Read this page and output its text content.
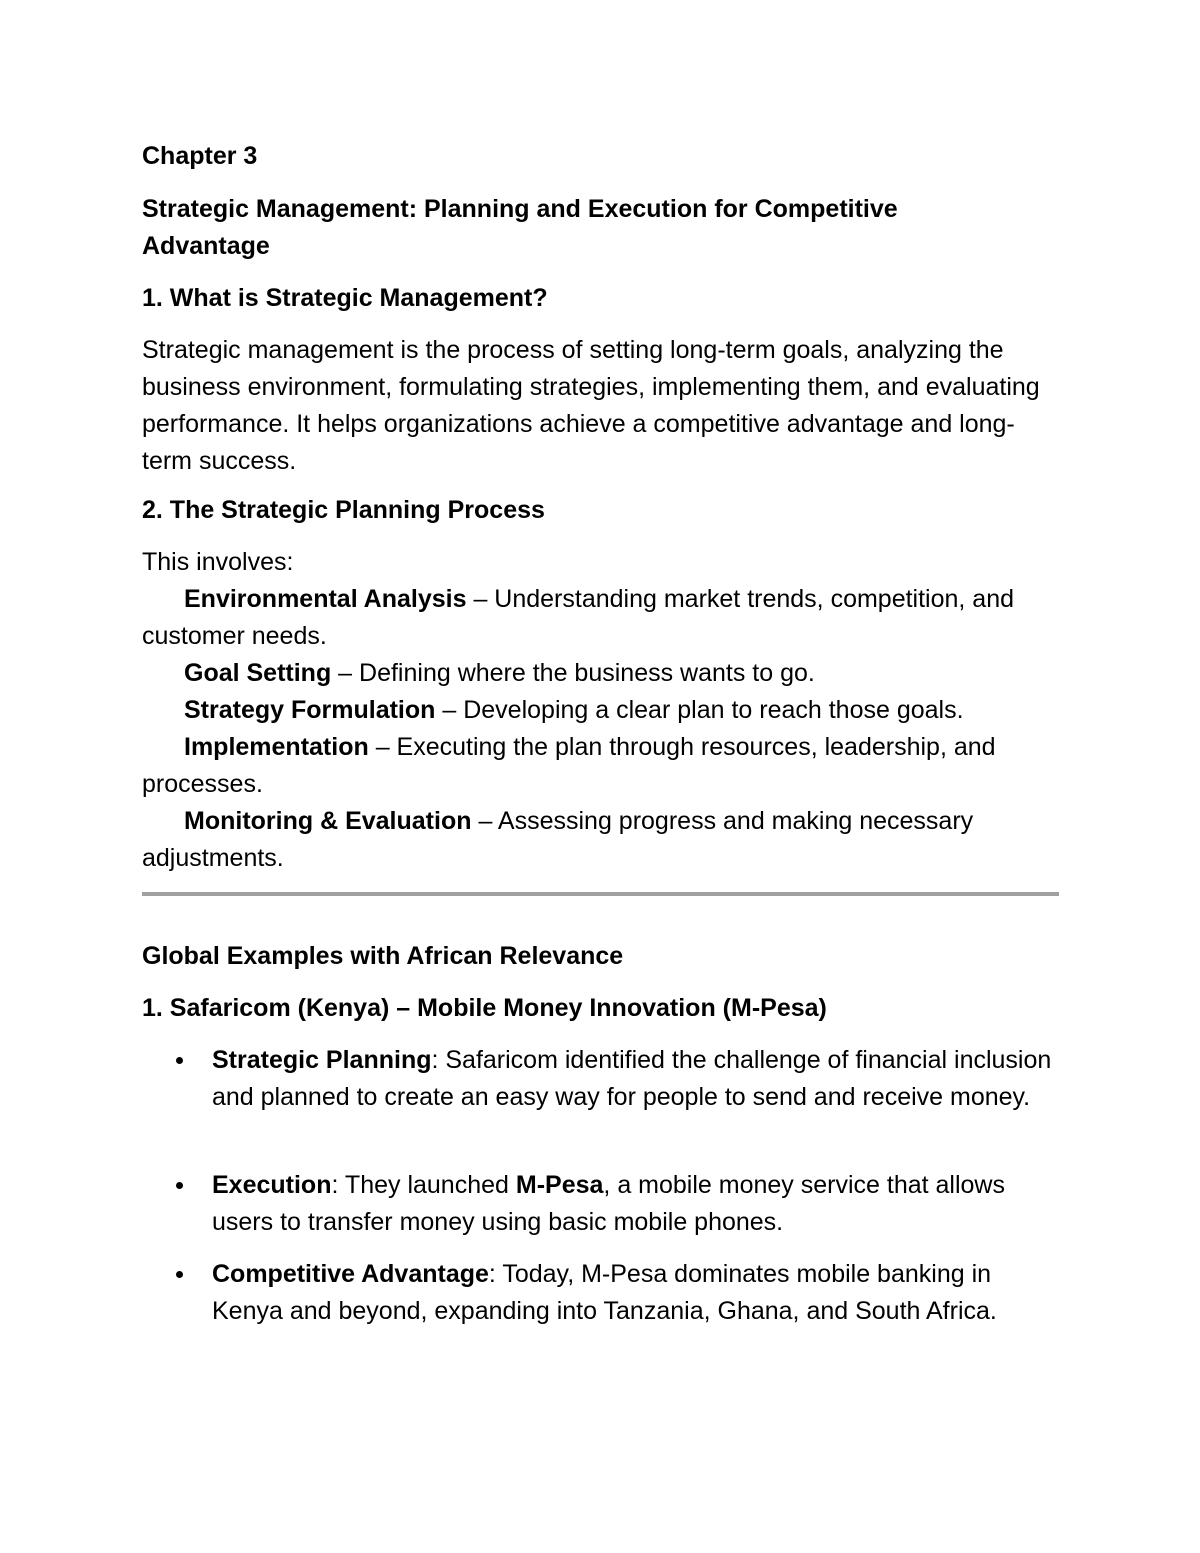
Chapter 3

Strategic Management: Planning and Execution for Competitive Advantage

1. What is Strategic Management?

Strategic management is the process of setting long-term goals, analyzing the business environment, formulating strategies, implementing them, and evaluating performance. It helps organizations achieve a competitive advantage and long-term success.

2. The Strategic Planning Process

This involves:
Environmental Analysis – Understanding market trends, competition, and customer needs.
Goal Setting – Defining where the business wants to go.
Strategy Formulation – Developing a clear plan to reach those goals.
Implementation – Executing the plan through resources, leadership, and processes.
Monitoring & Evaluation – Assessing progress and making necessary adjustments.

Global Examples with African Relevance

1. Safaricom (Kenya) – Mobile Money Innovation (M-Pesa)

Strategic Planning: Safaricom identified the challenge of financial inclusion and planned to create an easy way for people to send and receive money.
Execution: They launched M-Pesa, a mobile money service that allows users to transfer money using basic mobile phones.
Competitive Advantage: Today, M-Pesa dominates mobile banking in Kenya and beyond, expanding into Tanzania, Ghana, and South Africa.
